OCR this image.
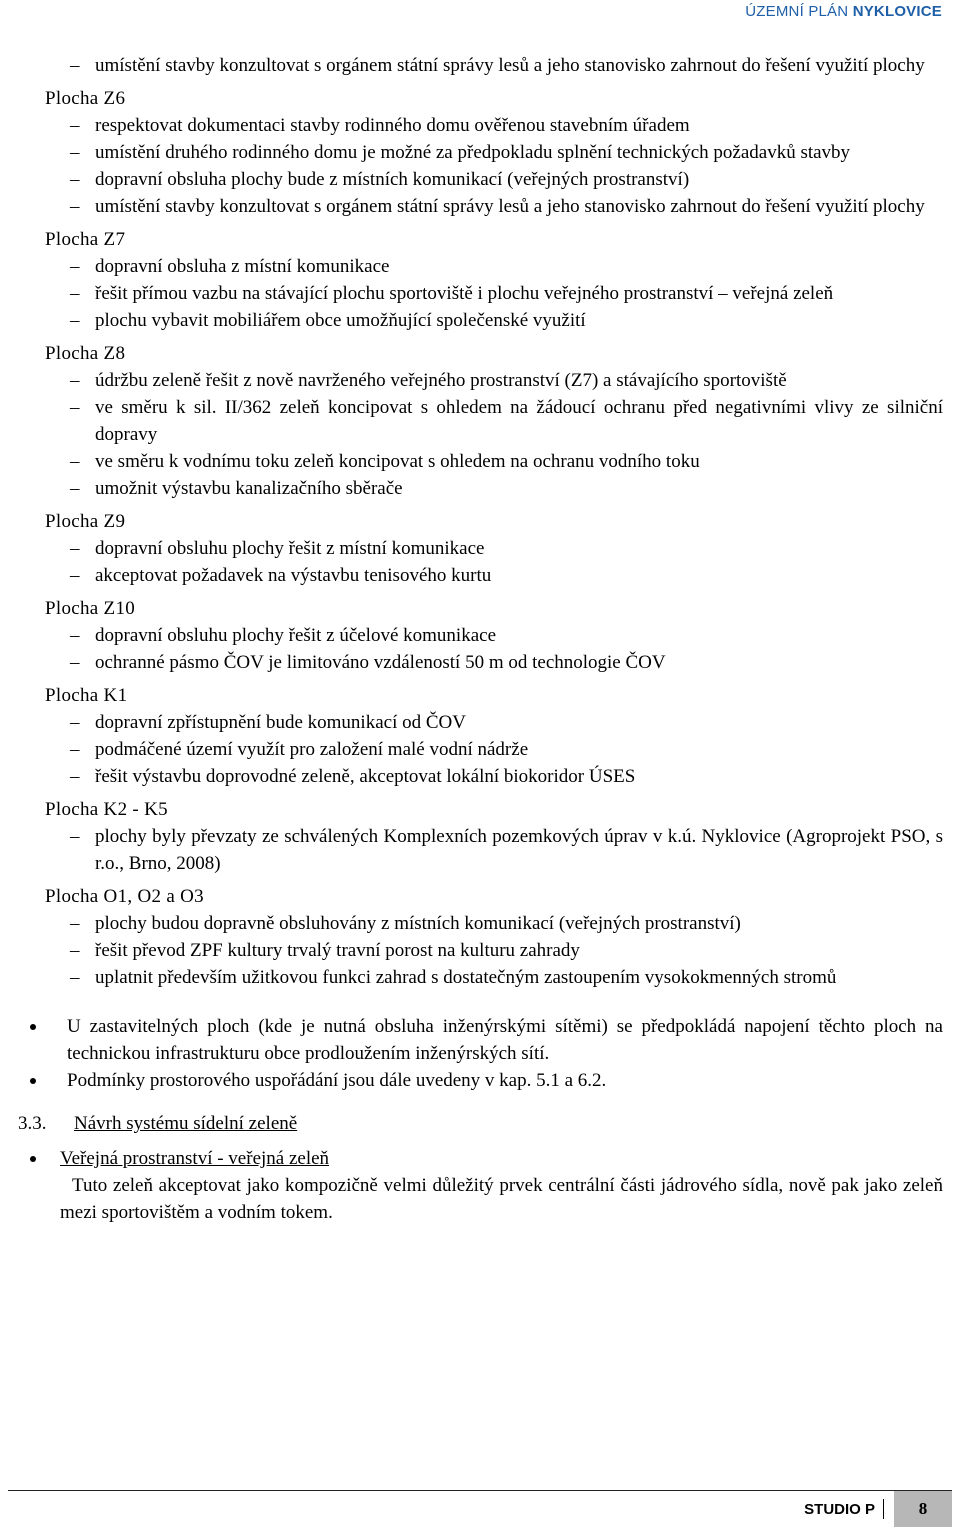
ÚZEMNÍ PLÁN NYKLOVICE
– umístění stavby konzultovat s orgánem státní správy lesů a jeho stanovisko zahrnout do řešení využití plochy
Plocha Z6
– respektovat dokumentaci stavby rodinného domu ověřenou stavebním úřadem
– umístění druhého rodinného domu je možné za předpokladu splnění technických požadavků stavby
– dopravní obsluha plochy bude z místních komunikací (veřejných prostranství)
– umístění stavby konzultovat s orgánem státní správy lesů a jeho stanovisko zahrnout do řešení využití plochy
Plocha Z7
– dopravní obsluha z místní komunikace
– řešit přímou vazbu na stávající plochu sportoviště i plochu veřejného prostranství – veřejná zeleň
– plochu vybavit mobiliářem obce umožňující společenské využití
Plocha Z8
– údržbu zeleně řešit z nově navrženého veřejného prostranství (Z7) a stávajícího sportoviště
– ve směru k sil. II/362 zeleň koncipovat s ohledem na žádoucí ochranu před negativními vlivy ze silniční dopravy
– ve směru k vodnímu toku zeleň koncipovat s ohledem na ochranu vodního toku
– umožnit výstavbu kanalizačního sběrače
Plocha Z9
– dopravní obsluhu plochy řešit z místní komunikace
– akceptovat požadavek na výstavbu tenisového kurtu
Plocha Z10
– dopravní obsluhu plochy řešit z účelové komunikace
– ochranné pásmo ČOV je limitováno vzdáleností 50 m od technologie ČOV
Plocha K1
– dopravní zpřístupnění bude komunikací od ČOV
– podmáčené území využít pro založení malé vodní nádrže
– řešit výstavbu doprovodné zeleně, akceptovat lokální biokoridor ÚSES
Plocha K2 - K5
– plochy byly převzaty ze schválených Komplexních pozemkových úprav v k.ú. Nyklovice (Agroprojekt PSO, s r.o., Brno, 2008)
Plocha O1, O2 a O3
– plochy budou dopravně obsluhovány z místních komunikací (veřejných prostranství)
– řešit převod ZPF kultury trvalý travní porost na kulturu zahrady
– uplatnit především užitkovou funkci zahrad s dostatečným zastoupením vysokokmenných stromů
U zastavitelných ploch (kde je nutná obsluha inženýrskými sítěmi) se předpokládá napojení těchto ploch na technickou infrastrukturu obce prodloužením inženýrských sítí.
Podmínky prostorového uspořádání jsou dále uvedeny v kap. 5.1 a 6.2.
3.3. Návrh systému sídelní zeleně
Veřejná prostranství - veřejná zeleň
Tuto zeleň akceptovat jako kompozičně velmi důležitý prvek centrální části jádrového sídla, nově pak jako zeleň mezi sportovištěm a vodním tokem.
STUDIO P	8
